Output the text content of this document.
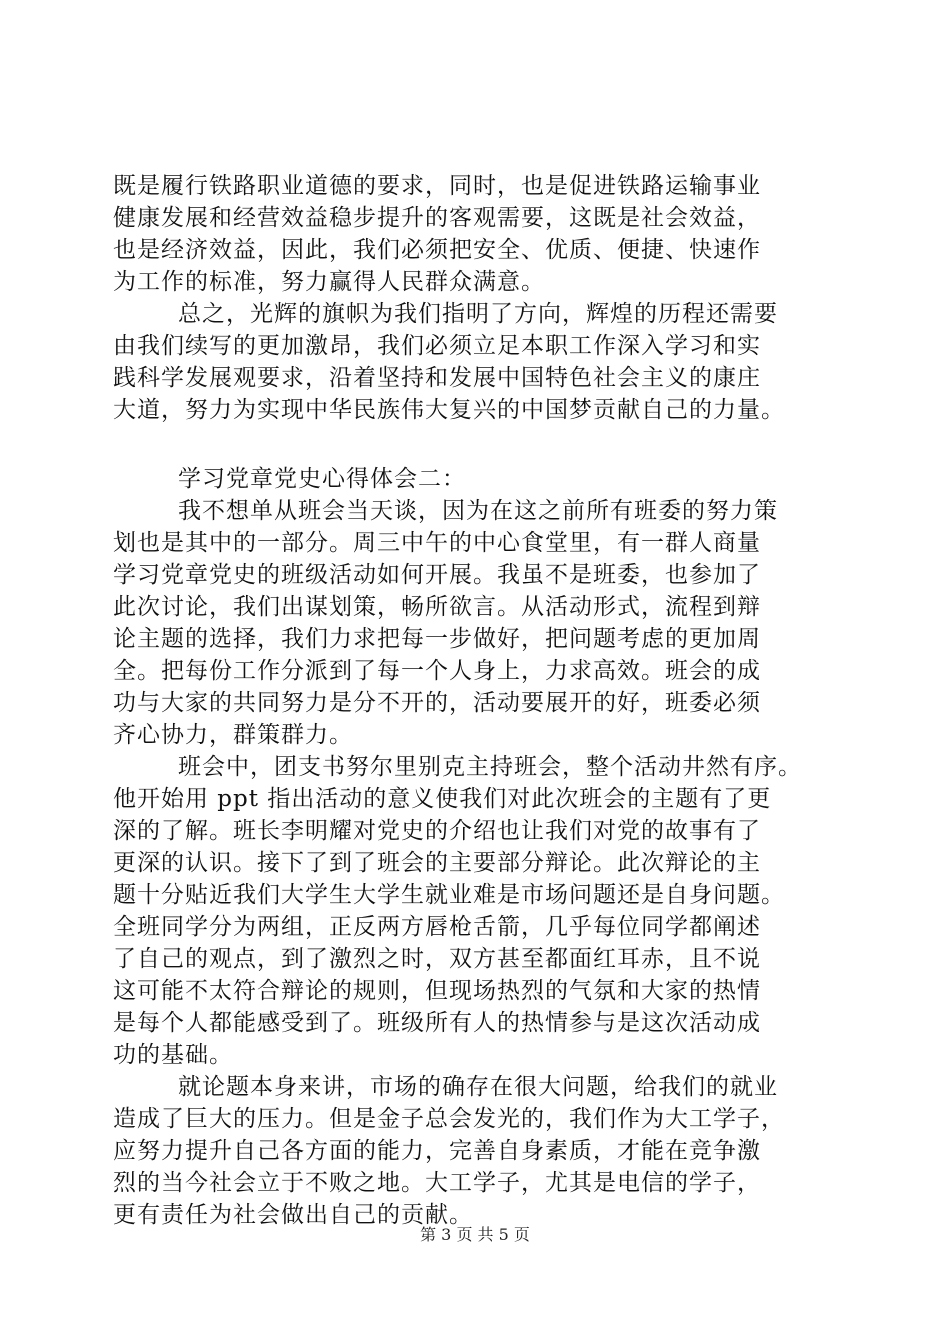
既是履行铁路职业道德的要求，同时，也是促进铁路运输事业
健康发展和经营效益稳步提升的客观需要，这既是社会效益，
也是经济效益，因此，我们必须把安全、优质、便捷、快速作
为工作的标准，努力赢得人民群众满意。
总之，光辉的旗帜为我们指明了方向，辉煌的历程还需要
由我们续写的更加激昂，我们必须立足本职工作深入学习和实
践科学发展观要求，沿着坚持和发展中国特色社会主义的康庄
大道，努力为实现中华民族伟大复兴的中国梦贡献自己的力量。
学习党章党史心得体会二：
我不想单从班会当天谈，因为在这之前所有班委的努力策
划也是其中的一部分。周三中午的中心食堂里，有一群人商量
学习党章党史的班级活动如何开展。我虽不是班委，也参加了
此次讨论，我们出谋划策，畅所欲言。从活动形式，流程到辩
论主题的选择，我们力求把每一步做好，把问题考虑的更加周
全。把每份工作分派到了每一个人身上，力求高效。班会的成
功与大家的共同努力是分不开的，活动要展开的好，班委必须
齐心协力，群策群力。
班会中，团支书努尔里别克主持班会，整个活动井然有序。
他开始用 ppt 指出活动的意义使我们对此次班会的主题有了更
深的了解。班长李明耀对党史的介绍也让我们对党的故事有了
更深的认识。接下了到了班会的主要部分辩论。此次辩论的主
题十分贴近我们大学生大学生就业难是市场问题还是自身问题。
全班同学分为两组，正反两方唇枪舌箭，几乎每位同学都阐述
了自己的观点，到了激烈之时，双方甚至都面红耳赤，且不说
这可能不太符合辩论的规则，但现场热烈的气氛和大家的热情
是每个人都能感受到了。班级所有人的热情参与是这次活动成
功的基础。
就论题本身来讲，市场的确存在很大问题，给我们的就业
造成了巨大的压力。但是金子总会发光的，我们作为大工学子，
应努力提升自己各方面的能力，完善自身素质，才能在竞争激
烈的当今社会立于不败之地。大工学子，尤其是电信的学子，
更有责任为社会做出自己的贡献。
第 3 页 共 5 页
